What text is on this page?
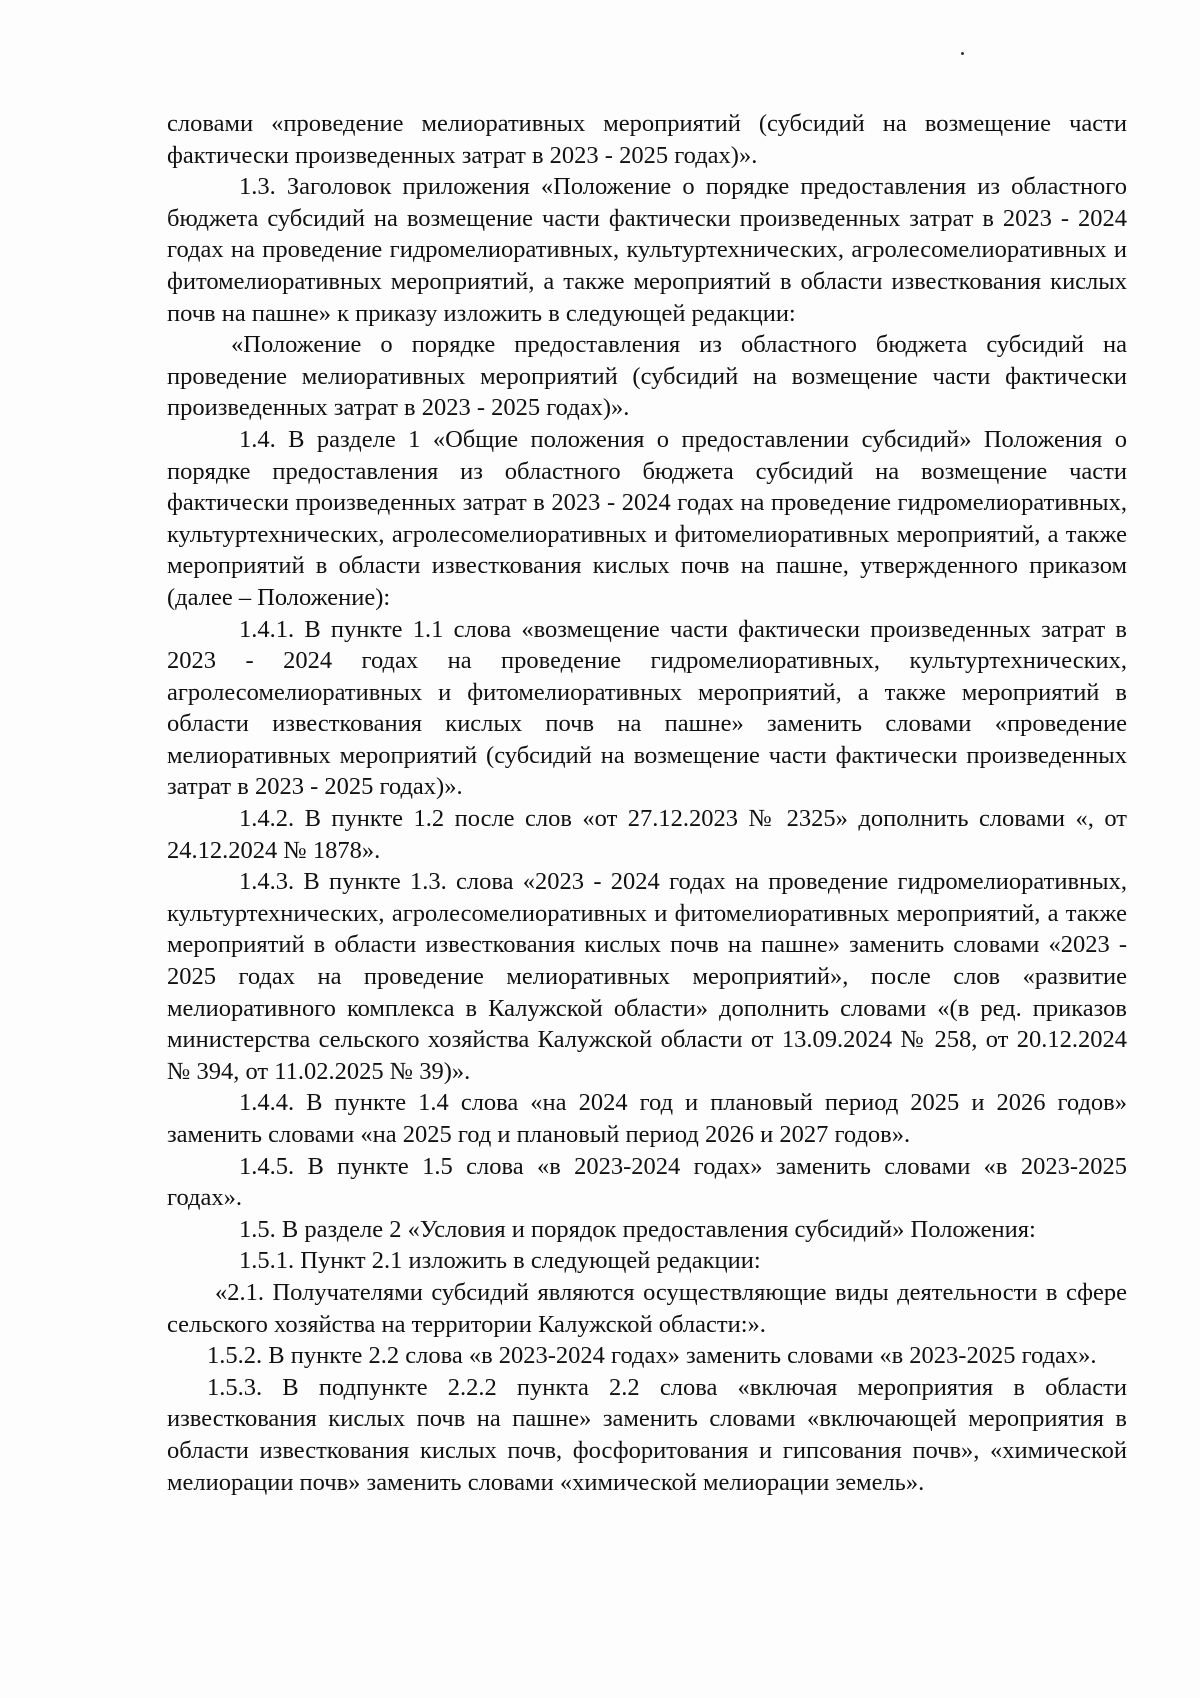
словами «проведение мелиоративных мероприятий (субсидий на возмещение части фактически произведенных затрат в 2023 - 2025 годах)».

1.3. Заголовок приложения «Положение о порядке предоставления из областного бюджета субсидий на возмещение части фактически произведенных затрат в 2023 - 2024 годах на проведение гидромелиоративных, культуртехнических, агролесомелиоративных и фитомелиоративных мероприятий, а также мероприятий в области известкования кислых почв на пашне» к приказу изложить в следующей редакции:

«Положение о порядке предоставления из областного бюджета субсидий на проведение мелиоративных мероприятий (субсидий на возмещение части фактически произведенных затрат в 2023 - 2025 годах)».

1.4. В разделе 1 «Общие положения о предоставлении субсидий» Положения о порядке предоставления из областного бюджета субсидий на возмещение части фактически произведенных затрат в 2023 - 2024 годах на проведение гидромелиоративных, культуртехнических, агролесомелиоративных и фитомелиоративных мероприятий, а также мероприятий в области известкования кислых почв на пашне, утвержденного приказом (далее – Положение):

1.4.1. В пункте 1.1 слова «возмещение части фактически произведенных затрат в 2023 - 2024 годах на проведение гидромелиоративных, культуртехнических, агролесомелиоративных и фитомелиоративных мероприятий, а также мероприятий в области известкования кислых почв на пашне» заменить словами «проведение мелиоративных мероприятий (субсидий на возмещение части фактически произведенных затрат в 2023 - 2025 годах)».

1.4.2. В пункте 1.2 после слов «от 27.12.2023 № 2325» дополнить словами «, от 24.12.2024 № 1878».

1.4.3. В пункте 1.3. слова «2023 - 2024 годах на проведение гидромелиоративных, культуртехнических, агролесомелиоративных и фитомелиоративных мероприятий, а также мероприятий в области известкования кислых почв на пашне» заменить словами «2023 - 2025 годах на проведение мелиоративных мероприятий», после слов «развитие мелиоративного комплекса в Калужской области» дополнить словами «(в ред. приказов министерства сельского хозяйства Калужской области от 13.09.2024 № 258, от 20.12.2024 № 394, от 11.02.2025 № 39)».

1.4.4. В пункте 1.4 слова «на 2024 год и плановый период 2025 и 2026 годов» заменить словами «на 2025 год и плановый период 2026 и 2027 годов».

1.4.5. В пункте 1.5 слова «в 2023-2024 годах» заменить словами «в 2023-2025 годах».

1.5. В разделе 2 «Условия и порядок предоставления субсидий» Положения:

1.5.1. Пункт 2.1 изложить в следующей редакции:

«2.1. Получателями субсидий являются осуществляющие виды деятельности в сфере сельского хозяйства на территории Калужской области:».

1.5.2. В пункте 2.2 слова «в 2023-2024 годах» заменить словами «в 2023-2025 годах».

1.5.3. В подпункте 2.2.2 пункта 2.2 слова «включая мероприятия в области известкования кислых почв на пашне» заменить словами «включающей мероприятия в области известкования кислых почв, фосфоритования и гипсования почв», «химической мелиорации почв» заменить словами «химической мелиорации земель».
